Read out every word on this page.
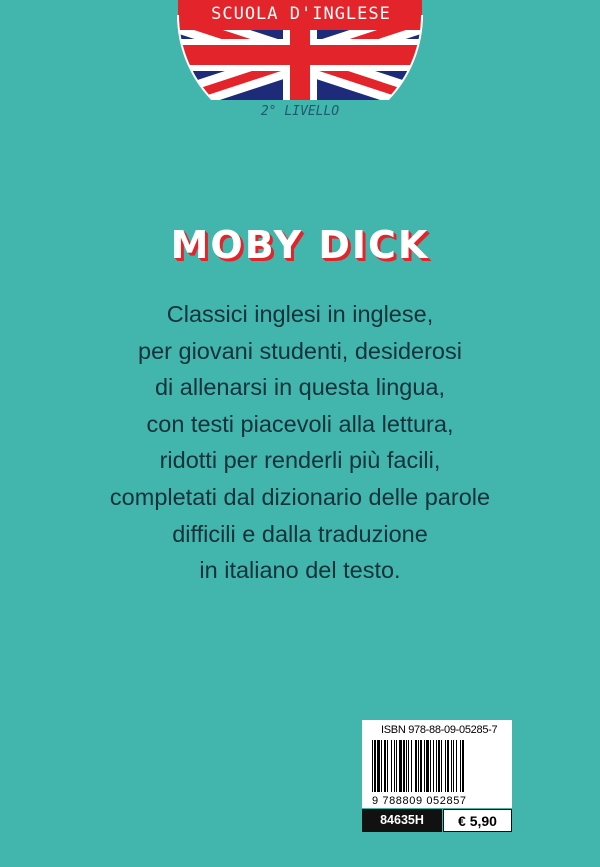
SCUOLA D'INGLESE
2° LIVELLO
MOBY DICK
Classici inglesi in inglese,
per giovani studenti, desiderosi
di allenarsi in questa lingua,
con testi piacevoli alla lettura,
ridotti per renderli più facili,
completati dal dizionario delle parole
difficili e dalla traduzione
in italiano del testo.
ISBN 978-88-09-05285-7
9 788809 052857
84635H	€ 5,90
